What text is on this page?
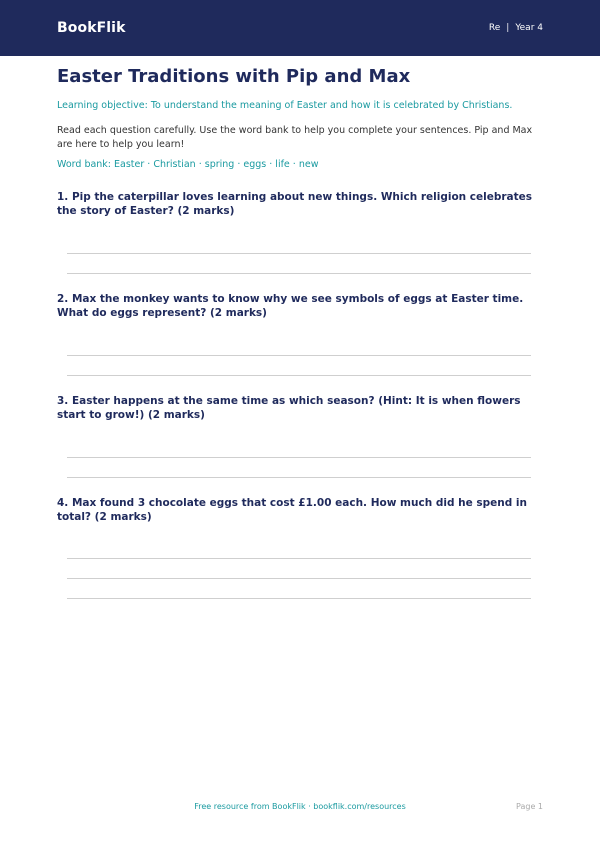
BookFlik	Re | Year 4
Easter Traditions with Pip and Max
Learning objective: To understand the meaning of Easter and how it is celebrated by Christians.
Read each question carefully. Use the word bank to help you complete your sentences. Pip and Max are here to help you learn!
Word bank: Easter · Christian · spring · eggs · life · new
1. Pip the caterpillar loves learning about new things. Which religion celebrates the story of Easter? (2 marks)
2. Max the monkey wants to know why we see symbols of eggs at Easter time. What do eggs represent? (2 marks)
3. Easter happens at the same time as which season? (Hint: It is when flowers start to grow!) (2 marks)
4. Max found 3 chocolate eggs that cost £1.00 each. How much did he spend in total? (2 marks)
Free resource from BookFlik · bookflik.com/resources	Page 1
